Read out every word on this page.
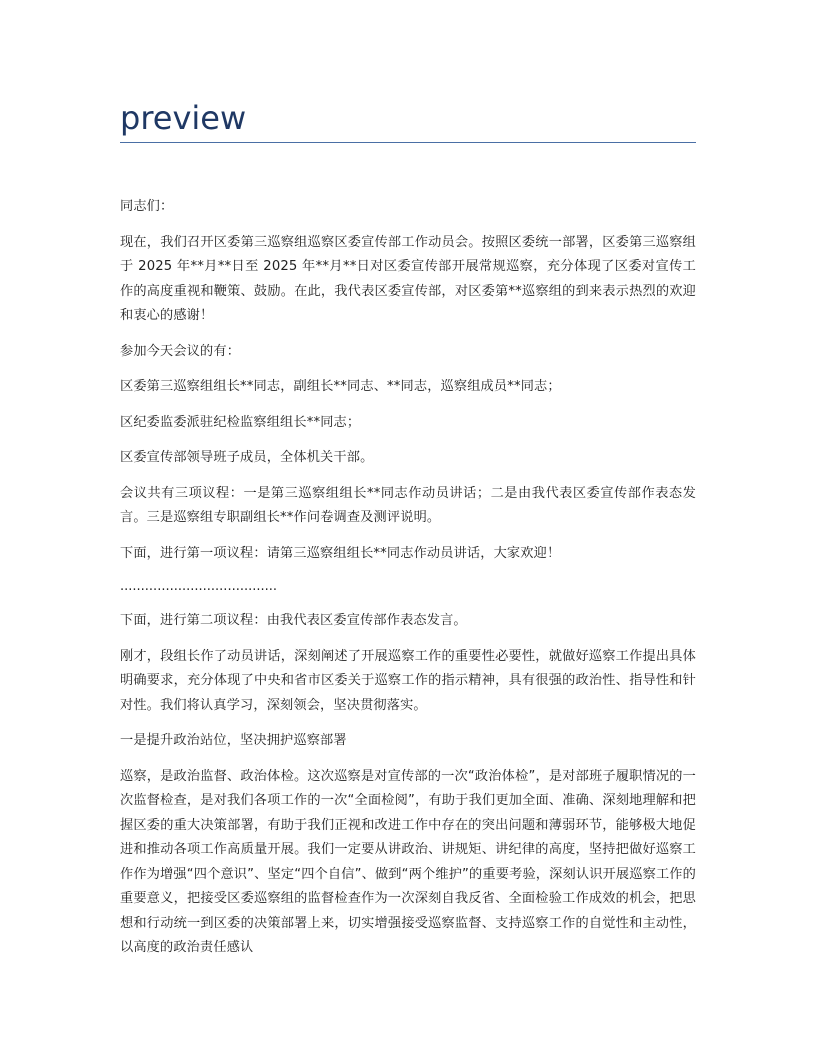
preview

同志们：

现在，我们召开区委第三巡察组巡察区委宣传部工作动员会。按照区委统一部署，区委第三巡察组于 2025 年**月**日至 2025 年**月**日对区委宣传部开展常规巡察，充分体现了区委对宣传工作的高度重视和鞭策、鼓励。在此，我代表区委宣传部，对区委第**巡察组的到来表示热烈的欢迎和衷心的感谢！

参加今天会议的有：

区委第三巡察组组长**同志，副组长**同志、**同志，巡察组成员**同志；

区纪委监委派驻纪检监察组组长**同志；

区委宣传部领导班子成员，全体机关干部。

会议共有三项议程：一是第三巡察组组长**同志作动员讲话；二是由我代表区委宣传部作表态发言。三是巡察组专职副组长**作问卷调查及测评说明。

下面，进行第一项议程：请第三巡察组组长**同志作动员讲话，大家欢迎！

......................................

下面，进行第二项议程：由我代表区委宣传部作表态发言。

刚才，段组长作了动员讲话，深刻阐述了开展巡察工作的重要性必要性，就做好巡察工作提出具体明确要求，充分体现了中央和省市区委关于巡察工作的指示精神，具有很强的政治性、指导性和针对性。我们将认真学习，深刻领会，坚决贯彻落实。

一是提升政治站位，坚决拥护巡察部署

巡察，是政治监督、政治体检。这次巡察是对宣传部的一次“政治体检”，是对部班子履职情况的一次监督检查，是对我们各项工作的一次“全面检阅”，有助于我们更加全面、准确、深刻地理解和把握区委的重大决策部署，有助于我们正视和改进工作中存在的突出问题和薄弱环节，能够极大地促进和推动各项工作高质量开展。我们一定要从讲政治、讲规矩、讲纪律的高度，坚持把做好巡察工作作为增强“四个意识”、坚定“四个自信”、做到“两个维护”的重要考验，深刻认识开展巡察工作的重要意义，把接受区委巡察组的监督检查作为一次深刻自我反省、全面检验工作成效的机会，把思想和行动统一到区委的决策部署上来，切实增强接受巡察监督、支持巡察工作的自觉性和主动性，以高度的政治责任感认
